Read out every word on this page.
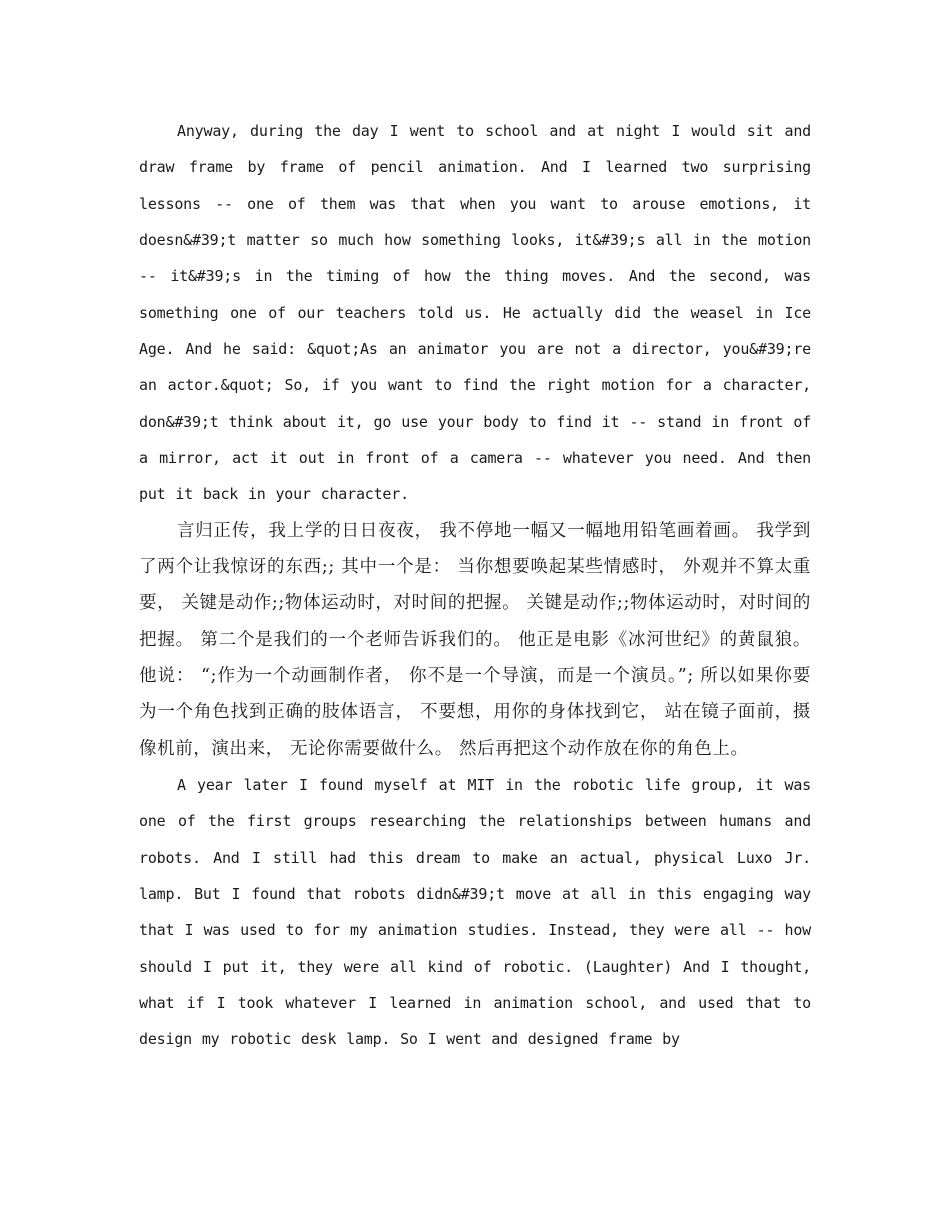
Anyway, during the day I went to school and at night I would sit and draw frame by frame of pencil animation. And I learned two surprising lessons -- one of them was that when you want to arouse emotions, it doesn&#39;t matter so much how something looks, it&#39;s all in the motion -- it&#39;s in the timing of how the thing moves. And the second, was something one of our teachers told us. He actually did the weasel in Ice Age. And he said: &quot;As an animator you are not a director, you&#39;re an actor.&quot; So, if you want to find the right motion for a character, don&#39;t think about it, go use your body to find it -- stand in front of a mirror, act it out in front of a camera -- whatever you need. And then put it back in your character.

言归正传，我上学的日日夜夜， 我不停地一幅又一幅地用铅笔画着画。 我学到了两个让我惊讶的东西;; 其中一个是： 当你想要唤起某些情感时， 外观并不算太重要， 关键是动作;;物体运动时，对时间的把握。 关键是动作;;物体运动时，对时间的把握。 第二个是我们的一个老师告诉我们的。 他正是电影《冰河世纪》的黄鼠狼。 他说： “;作为一个动画制作者， 你不是一个导演，而是一个演员。”; 所以如果你要为一个角色找到正确的肢体语言， 不要想，用你的身体找到它， 站在镜子面前，摄像机前，演出来， 无论你需要做什么。 然后再把这个动作放在你的角色上。

A year later I found myself at MIT in the robotic life group, it was one of the first groups researching the relationships between humans and robots. And I still had this dream to make an actual, physical Luxo Jr. lamp. But I found that robots didn&#39;t move at all in this engaging way that I was used to for my animation studies. Instead, they were all -- how should I put it, they were all kind of robotic. (Laughter) And I thought, what if I took whatever I learned in animation school, and used that to design my robotic desk lamp. So I went and designed frame by
